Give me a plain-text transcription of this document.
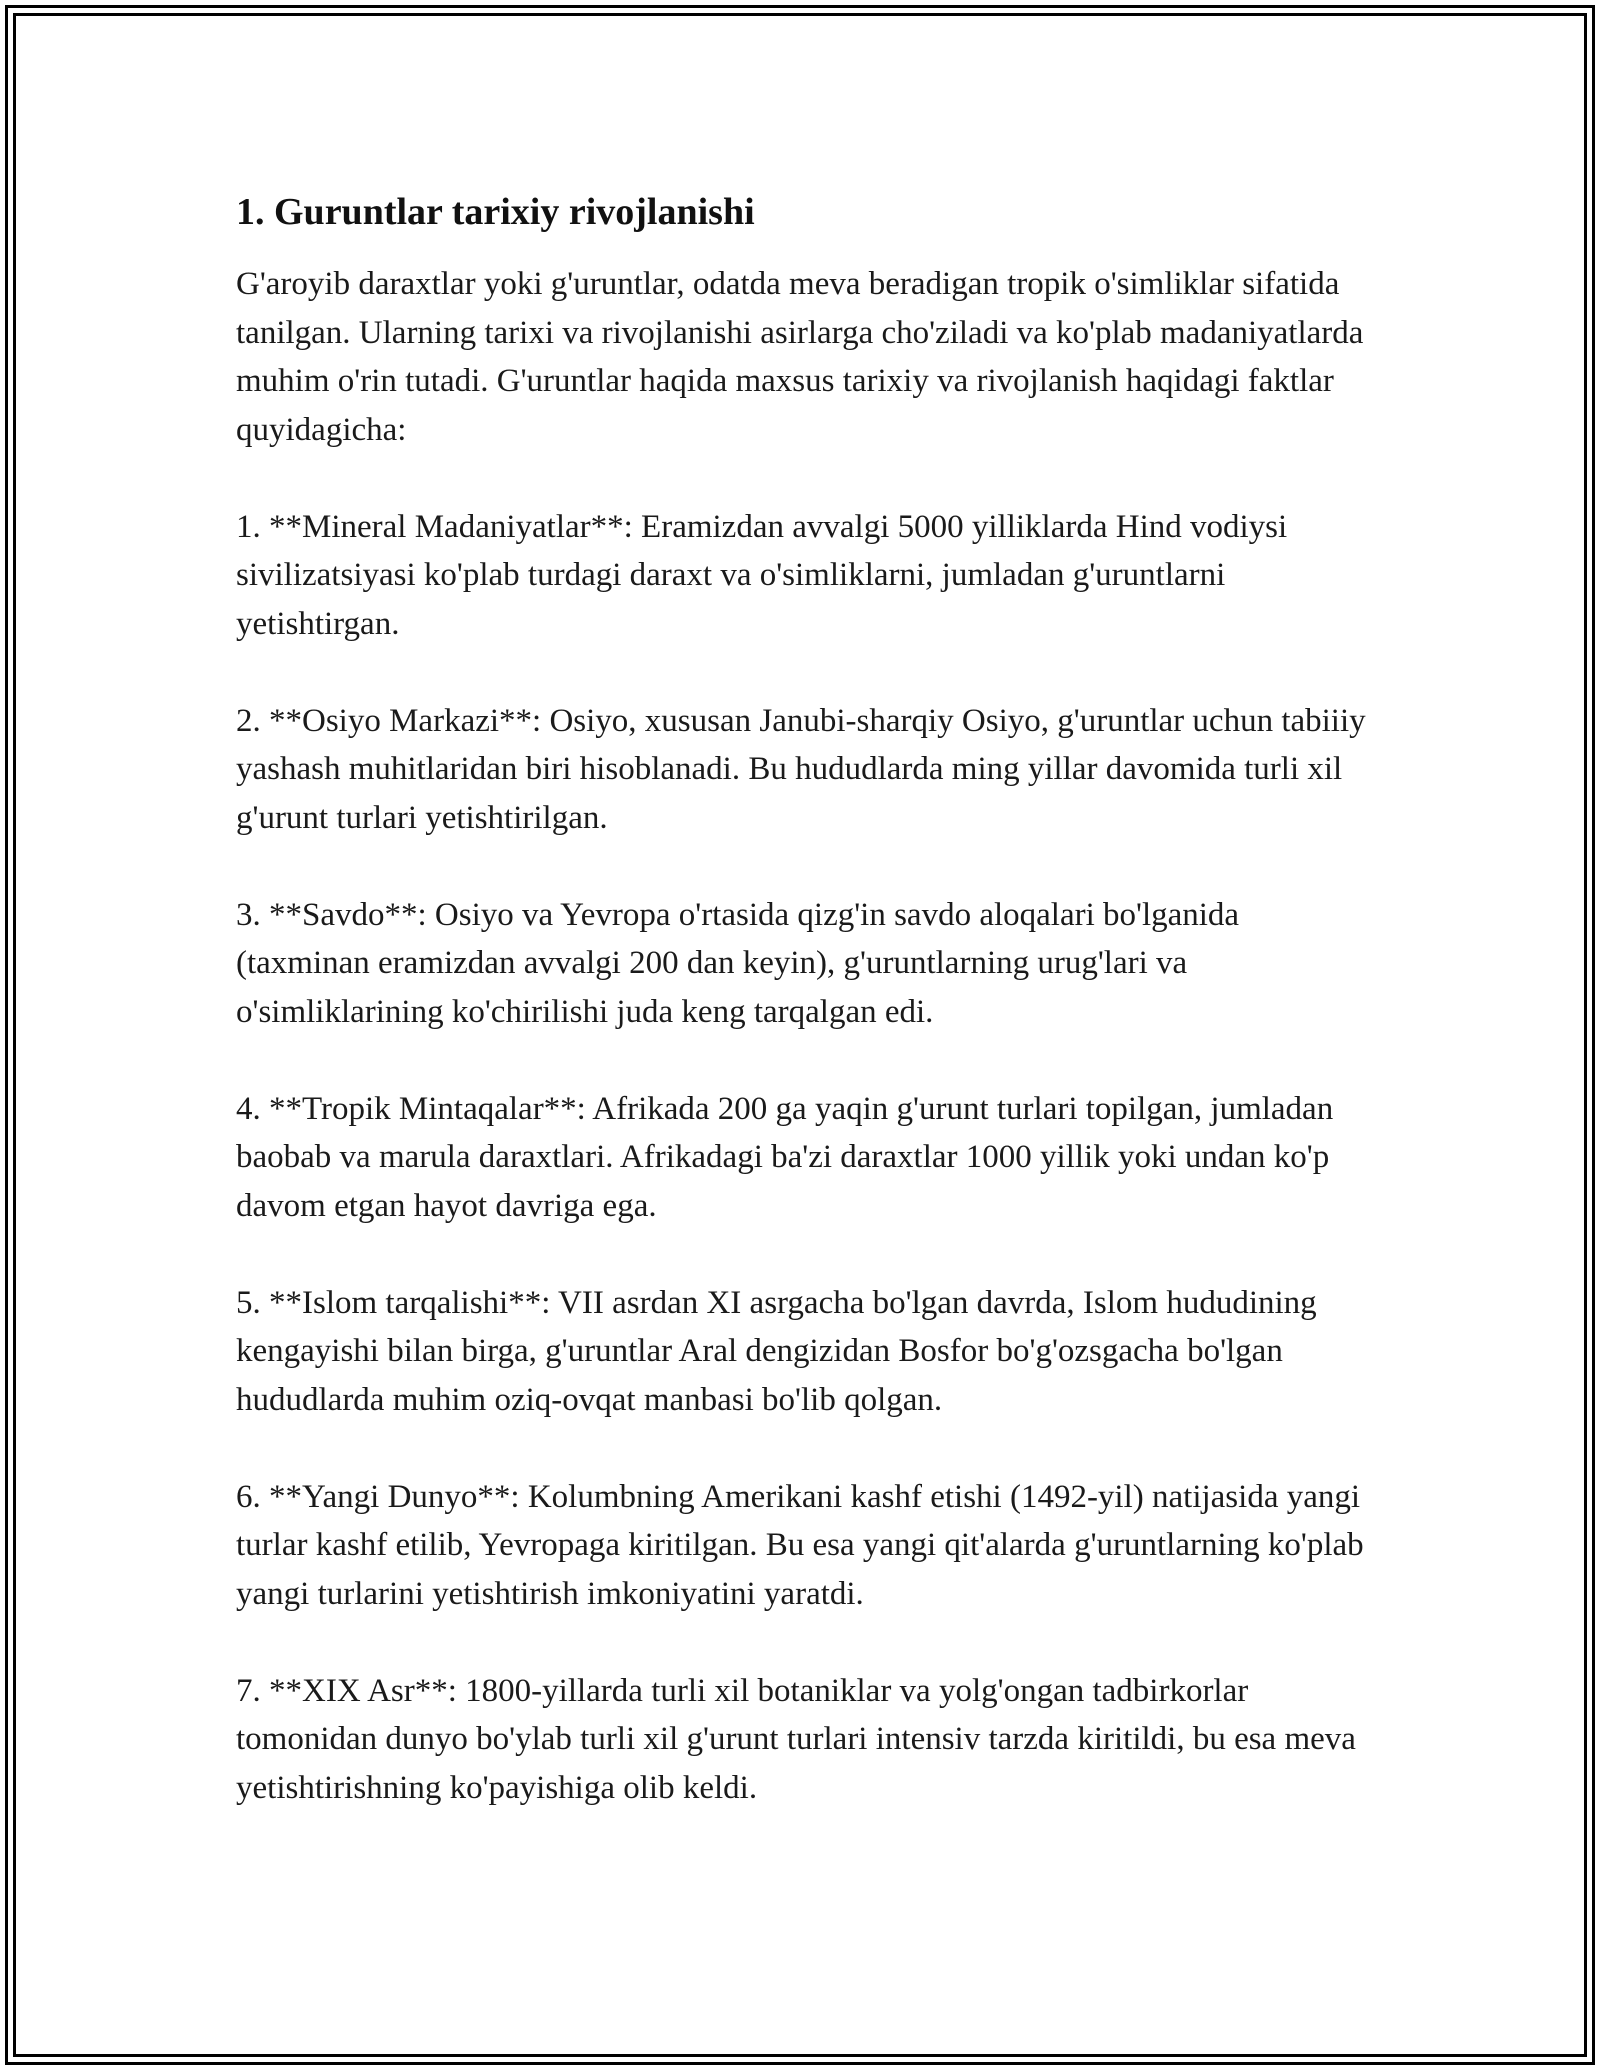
1. Guruntlar tarixiy rivojlanishi

G'aroyib daraxtlar yoki g'uruntlar, odatda meva beradigan tropik o'simliklar sifatida tanilgan. Ularning tarixi va rivojlanishi asirlarga cho'ziladi va ko'plab madaniyatlarda muhim o'rin tutadi. G'uruntlar haqida maxsus tarixiy va rivojlanish haqidagi faktlar quyidagicha:

1. **Mineral Madaniyatlar**: Eramizdan avvalgi 5000 yilliklarda Hind vodiysi sivilizatsiyasi ko'plab turdagi daraxt va o'simliklarni, jumladan g'uruntlarni yetishtirgan.

2. **Osiyo Markazi**: Osiyo, xususan Janubi-sharqiy Osiyo, g'uruntlar uchun tabiiiy yashash muhitlaridan biri hisoblanadi. Bu hududlarda ming yillar davomida turli xil g'urunt turlari yetishtirilgan.

3. **Savdo**: Osiyo va Yevropa o'rtasida qizg'in savdo aloqalari bo'lganida (taxminan eramizdan avvalgi 200 dan keyin), g'uruntlarning urug'lari va o'simliklarining ko'chirilishi juda keng tarqalgan edi.

4. **Tropik Mintaqalar**: Afrikada 200 ga yaqin g'urunt turlari topilgan, jumladan baobab va marula daraxtlari. Afrikadagi ba'zi daraxtlar 1000 yillik yoki undan ko'p davom etgan hayot davriga ega.

5. **Islom tarqalishi**: VII asrdan XI asrgacha bo'lgan davrda, Islom hududining kengayishi bilan birga, g'uruntlar Aral dengizidan Bosfor bo'g'ozsgacha bo'lgan hududlarda muhim oziq-ovqat manbasi bo'lib qolgan.

6. **Yangi Dunyo**: Kolumbning Amerikani kashf etishi (1492-yil) natijasida yangi turlar kashf etilib, Yevropaga kiritilgan. Bu esa yangi qit'alarda g'uruntlarning ko'plab yangi turlarini yetishtirish imkoniyatini yaratdi.

7. **XIX Asr**: 1800-yillarda turli xil botaniklar va yolg'ongan tadbirkorlar tomonidan dunyo bo'ylab turli xil g'urunt turlari intensiv tarzda kiritildi, bu esa meva yetishtirishning ko'payishiga olib keldi.
